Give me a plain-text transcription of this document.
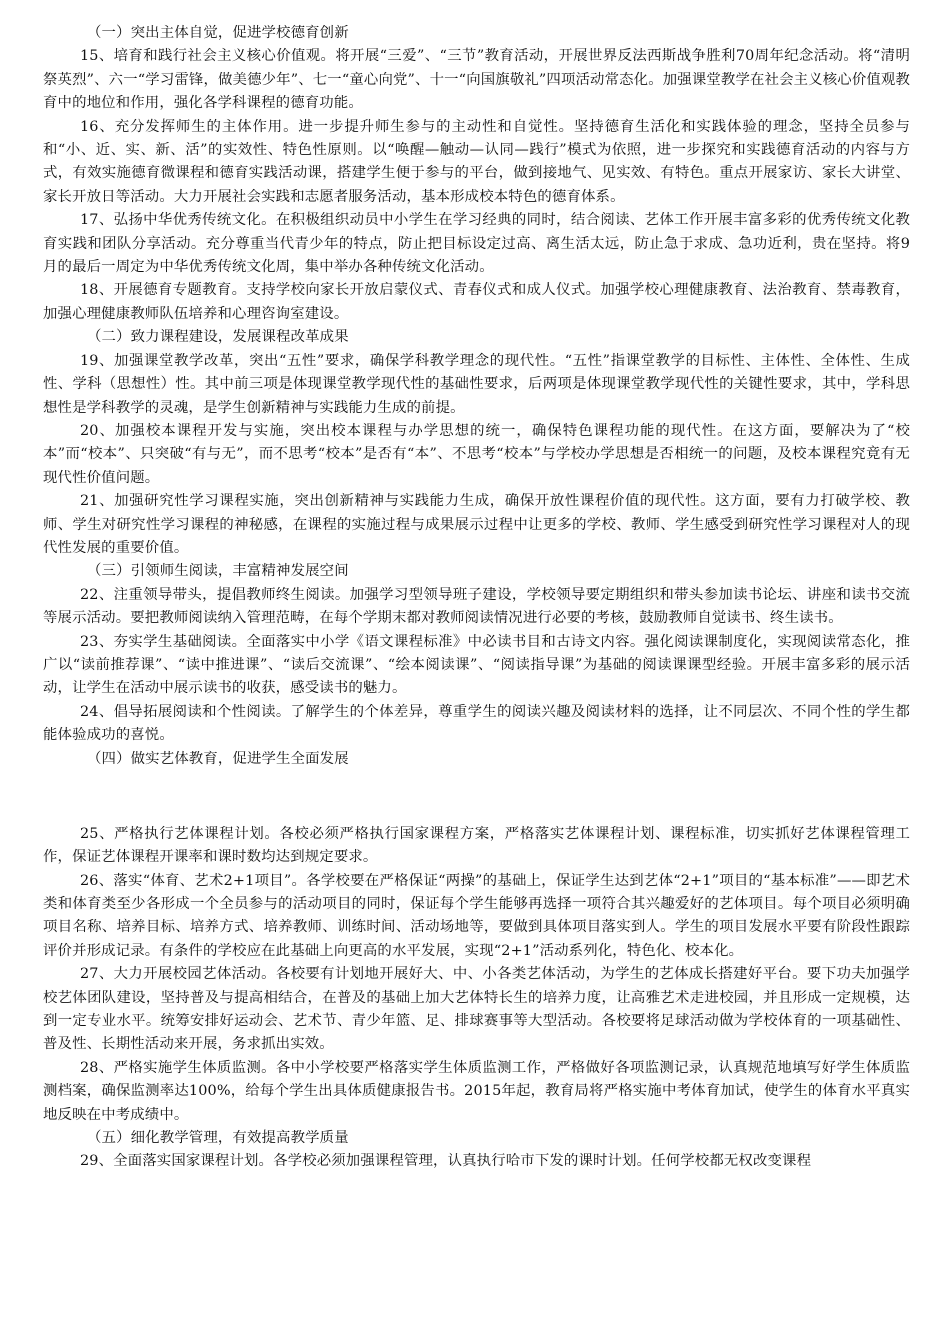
（一）突出主体自觉，促进学校德育创新

15、培育和践行社会主义核心价值观。将开展“三爱”、“三节”教育活动，开展世界反法西斯战争胜利70周年纪念活动。将“清明祭英烈”、六一“学习雷锋，做美德少年”、七一“童心向党”、十一“向国旗敬礼”四项活动常态化。加强课堂教学在社会主义核心价值观教育中的地位和作用，强化各学科课程的德育功能。

16、充分发挥师生的主体作用。进一步提升师生参与的主动性和自觉性。坚持德育生活化和实践体验的理念，坚持全员参与和“小、近、实、新、活”的实效性、特色性原则。以“唤醒—触动—认同—践行”模式为依照，进一步探究和实践德育活动的内容与方式，有效实施德育微课程和德育实践活动课，搭建学生便于参与的平台，做到接地气、见实效、有特色。重点开展家访、家长大讲堂、家长开放日等活动。大力开展社会实践和志愿者服务活动，基本形成校本特色的德育体系。

17、弘扬中华优秀传统文化。在积极组织动员中小学生在学习经典的同时，结合阅读、艺体工作开展丰富多彩的优秀传统文化教育实践和团队分享活动。充分尊重当代青少年的特点，防止把目标设定过高、离生活太远，防止急于求成、急功近利，贵在坚持。将9月的最后一周定为中华优秀传统文化周，集中举办各种传统文化活动。

18、开展德育专题教育。支持学校向家长开放启蒙仪式、青春仪式和成人仪式。加强学校心理健康教育、法治教育、禁毒教育，加强心理健康教师队伍培养和心理咨询室建设。

（二）致力课程建设，发展课程改革成果

19、加强课堂教学改革，突出“五性”要求，确保学科教学理念的现代性。“五性”指课堂教学的目标性、主体性、全体性、生成性、学科（思想性）性。其中前三项是体现课堂教学现代性的基础性要求，后两项是体现课堂教学现代性的关键性要求，其中，学科思想性是学科教学的灵魂，是学生创新精神与实践能力生成的前提。

20、加强校本课程开发与实施，突出校本课程与办学思想的统一，确保特色课程功能的现代性。在这方面，要解决为了“校本”而“校本”、只突破“有与无”，而不思考“校本”是否有“本”、不思考“校本”与学校办学思想是否相统一的问题，及校本课程究竟有无现代性价值问题。

21、加强研究性学习课程实施，突出创新精神与实践能力生成，确保开放性课程价值的现代性。这方面，要有力打破学校、教师、学生对研究性学习课程的神秘感，在课程的实施过程与成果展示过程中让更多的学校、教师、学生感受到研究性学习课程对人的现代性发展的重要价值。

（三）引领师生阅读，丰富精神发展空间

22、注重领导带头，提倡教师终生阅读。加强学习型领导班子建设，学校领导要定期组织和带头参加读书论坛、讲座和读书交流等展示活动。要把教师阅读纳入管理范畴，在每个学期末都对教师阅读情况进行必要的考核，鼓励教师自觉读书、终生读书。

23、夯实学生基础阅读。全面落实中小学《语文课程标准》中必读书目和古诗文内容。强化阅读课制度化，实现阅读常态化，推广以“读前推荐课”、“读中推进课”、“读后交流课”、“绘本阅读课”、“阅读指导课”为基础的阅读课课型经验。开展丰富多彩的展示活动，让学生在活动中展示读书的收获，感受读书的魅力。

24、倡导拓展阅读和个性阅读。了解学生的个体差异，尊重学生的阅读兴趣及阅读材料的选择，让不同层次、不同个性的学生都能体验成功的喜悦。

（四）做实艺体教育，促进学生全面发展

25、严格执行艺体课程计划。各校必须严格执行国家课程方案，严格落实艺体课程计划、课程标准，切实抓好艺体课程管理工作，保证艺体课程开课率和课时数均达到规定要求。

26、落实“体育、艺术2+1项目”。各学校要在严格保证“两操”的基础上，保证学生达到艺体“2+1”项目的“基本标准”——即艺术类和体育类至少各形成一个全员参与的活动项目的同时，保证每个学生能够再选择一项符合其兴趣爱好的艺体项目。每个项目必须明确项目名称、培养目标、培养方式、培养教师、训练时间、活动场地等，要做到具体项目落实到人。学生的项目发展水平要有阶段性跟踪评价并形成记录。有条件的学校应在此基础上向更高的水平发展，实现“2+1”活动系列化，特色化、校本化。

27、大力开展校园艺体活动。各校要有计划地开展好大、中、小各类艺体活动，为学生的艺体成长搭建好平台。要下功夫加强学校艺体团队建设，坚持普及与提高相结合，在普及的基础上加大艺体特长生的培养力度，让高雅艺术走进校园，并且形成一定规模，达到一定专业水平。统筹安排好运动会、艺术节、青少年篮、足、排球赛事等大型活动。各校要将足球活动做为学校体育的一项基础性、普及性、长期性活动来开展，务求抓出实效。

28、严格实施学生体质监测。各中小学校要严格落实学生体质监测工作，严格做好各项监测记录，认真规范地填写好学生体质监测档案，确保监测率达100%，给每个学生出具体质健康报告书。2015年起，教育局将严格实施中考体育加试，使学生的体育水平真实地反映在中考成绩中。

（五）细化教学管理，有效提高教学质量

29、全面落实国家课程计划。各学校必须加强课程管理，认真执行哈市下发的课时计划。任何学校都无权改变课程
